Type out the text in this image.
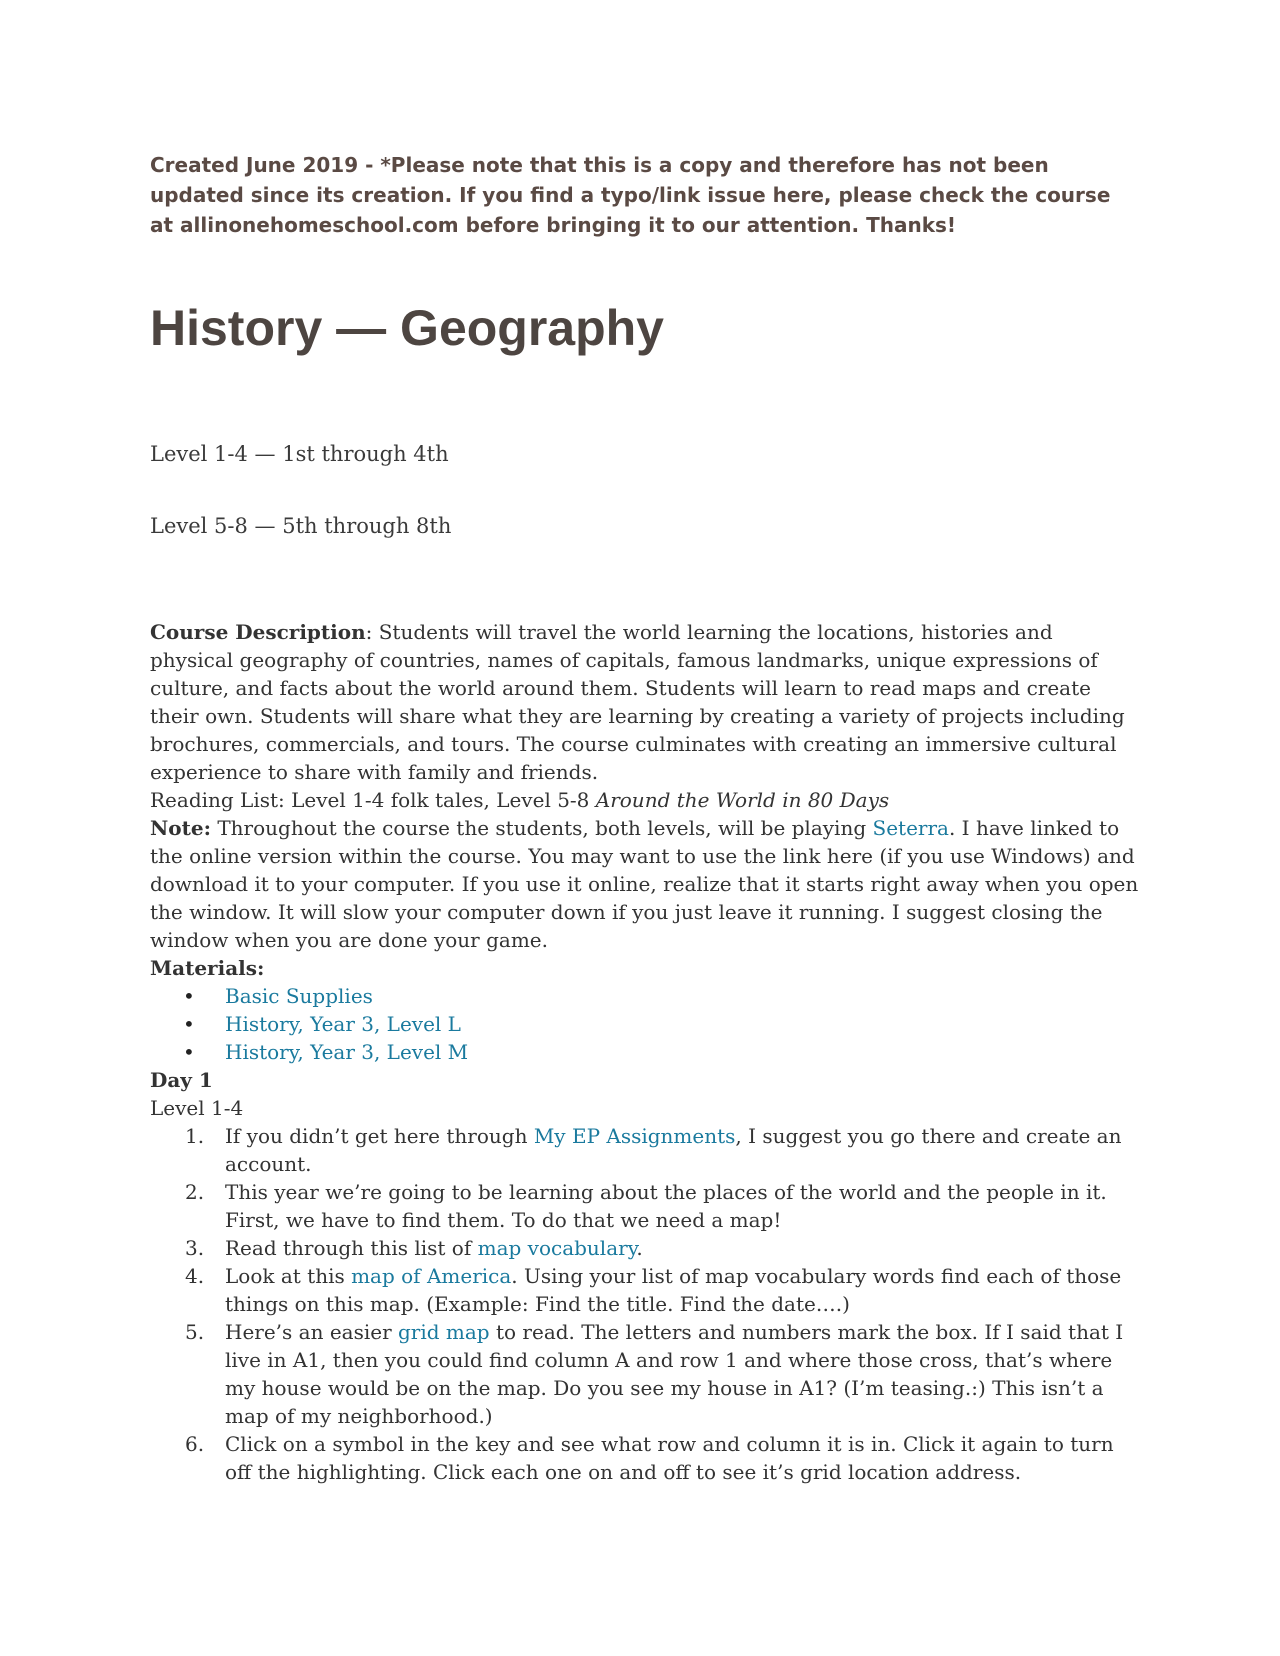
Created June 2019 - *Please note that this is a copy and therefore has not been updated since its creation. If you find a typo/link issue here, please check the course at allinonehomeschool.com before bringing it to our attention. Thanks!
History — Geography

Level 1-4 — 1st through 4th

Level 5-8 — 5th through 8th

Course Description: Students will travel the world learning the locations, histories and physical geography of countries, names of capitals, famous landmarks, unique expressions of culture, and facts about the world around them. Students will learn to read maps and create their own. Students will share what they are learning by creating a variety of projects including brochures, commercials, and tours. The course culminates with creating an immersive cultural experience to share with family and friends.

Reading List: Level 1-4 folk tales, Level 5-8 Around the World in 80 Days

Note: Throughout the course the students, both levels, will be playing Seterra. I have linked to the online version within the course. You may want to use the link here (if you use Windows) and download it to your computer. If you use it online, realize that it starts right away when you open the window. It will slow your computer down if you just leave it running. I suggest closing the window when you are done your game.

Materials:

• Basic Supplies
• History, Year 3, Level L
• History, Year 3, Level M

Day 1

Level 1-4

1. If you didn’t get here through My EP Assignments, I suggest you go there and create an account.
2. This year we’re going to be learning about the places of the world and the people in it. First, we have to find them. To do that we need a map!
3. Read through this list of map vocabulary.
4. Look at this map of America. Using your list of map vocabulary words find each of those things on this map. (Example: Find the title. Find the date….)
5. Here’s an easier grid map to read. The letters and numbers mark the box. If I said that I live in A1, then you could find column A and row 1 and where those cross, that’s where my house would be on the map. Do you see my house in A1? (I’m teasing.:) This isn’t a map of my neighborhood.)
6. Click on a symbol in the key and see what row and column it is in. Click it again to turn off the highlighting. Click each one on and off to see it’s grid location address.
